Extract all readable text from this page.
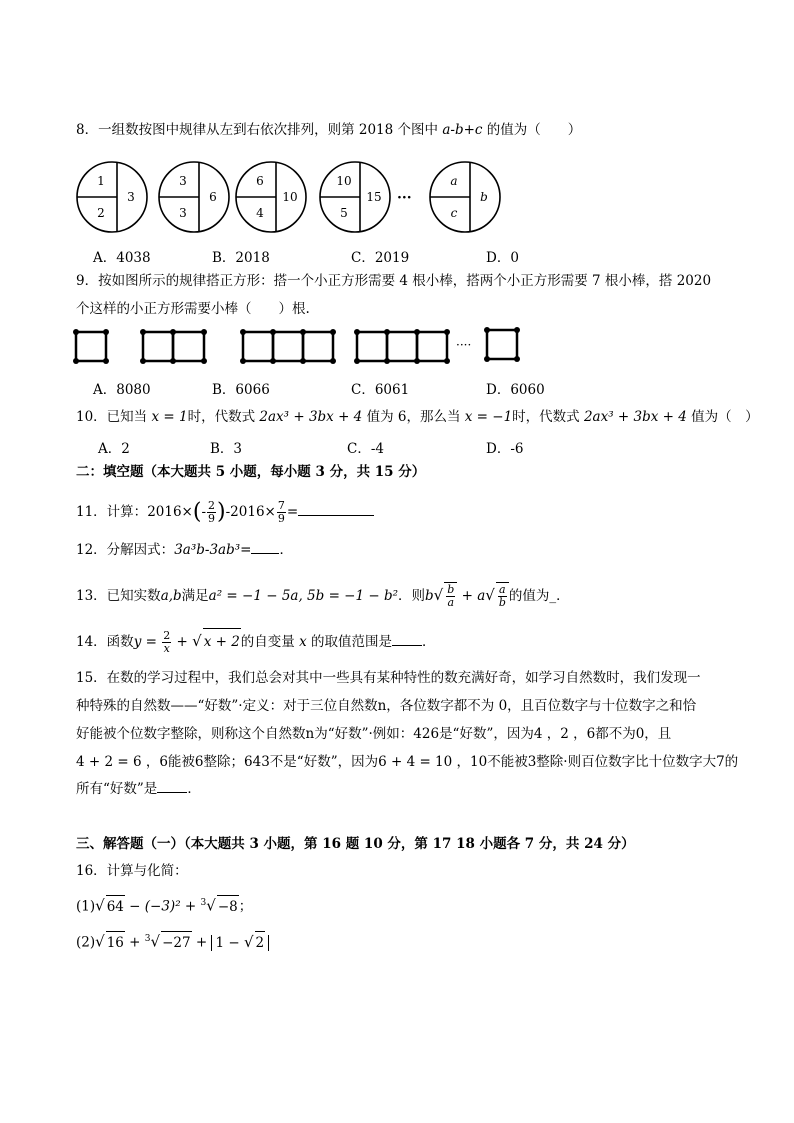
8．一组数按图中规律从左到右依次排列，则第 2018 个图中 a-b+c 的值为（　　）
1
3
2
3
6
3
6
10
4
10
15
5
a
b
c
···
A．4038	B．2018	C．2019	D．0
9．按如图所示的规律搭正方形：搭一个小正方形需要 4 根小棒，搭两个小正方形需要 7 根小棒，搭 2020
个这样的小正方形需要小棒（　　）根.
····
A．8080	B．6066	C．6061	D．6060
10．已知当 x = 1时，代数式 2ax³ + 3bx + 4 值为 6，那么当 x = −1时，代数式 2ax³ + 3bx + 4 值为（　）
A．2	B．3	C．-4	D．-6
二：填空题（本大题共 5 小题，每小题 3 分，共 15 分）
11．计算：$2016\times(- \frac{2}{9} )-2016\times \frac{7}{9}$ =
12．分解因式：3a³b-3ab³= ．
13．已知实数a,b满足a² = −1 − 5a, 5b = −1 − b²．则$b√ \frac{b}{a} + a√ \frac{a}{b}$ 的值为_．
14．函数$y = \frac{2}{x}$ + √ x + 2的自变量 x 的取值范围是 ．
15．在数的学习过程中，我们总会对其中一些具有某种特性的数充满好奇，如学习自然数时，我们发现一
种特殊的自然数——“好数”·定义：对于三位自然数n，各位数字都不为 0，且百位数字与十位数字之和恰
好能被个位数字整除，则称这个自然数n为“好数”·例如：426是“好数”，因为4 ，2 ，6都不为0，且
4 + 2 = 6 ，6能被6整除；643不是“好数”，因为6 + 4 = 10 ，10不能被3整除·则百位数字比十位数字大7的
所有“好数”是 ．
三、解答题（一）（本大题共 3 小题，第 16 题 10 分，第 17 18 小题各 7 分，共 24 分）
16．计算与化简：
(1)√ 64 − (−3)² + $^3$√ −8；
(2)√ 16 + $^3$√ −27 + 1 − √ 2
